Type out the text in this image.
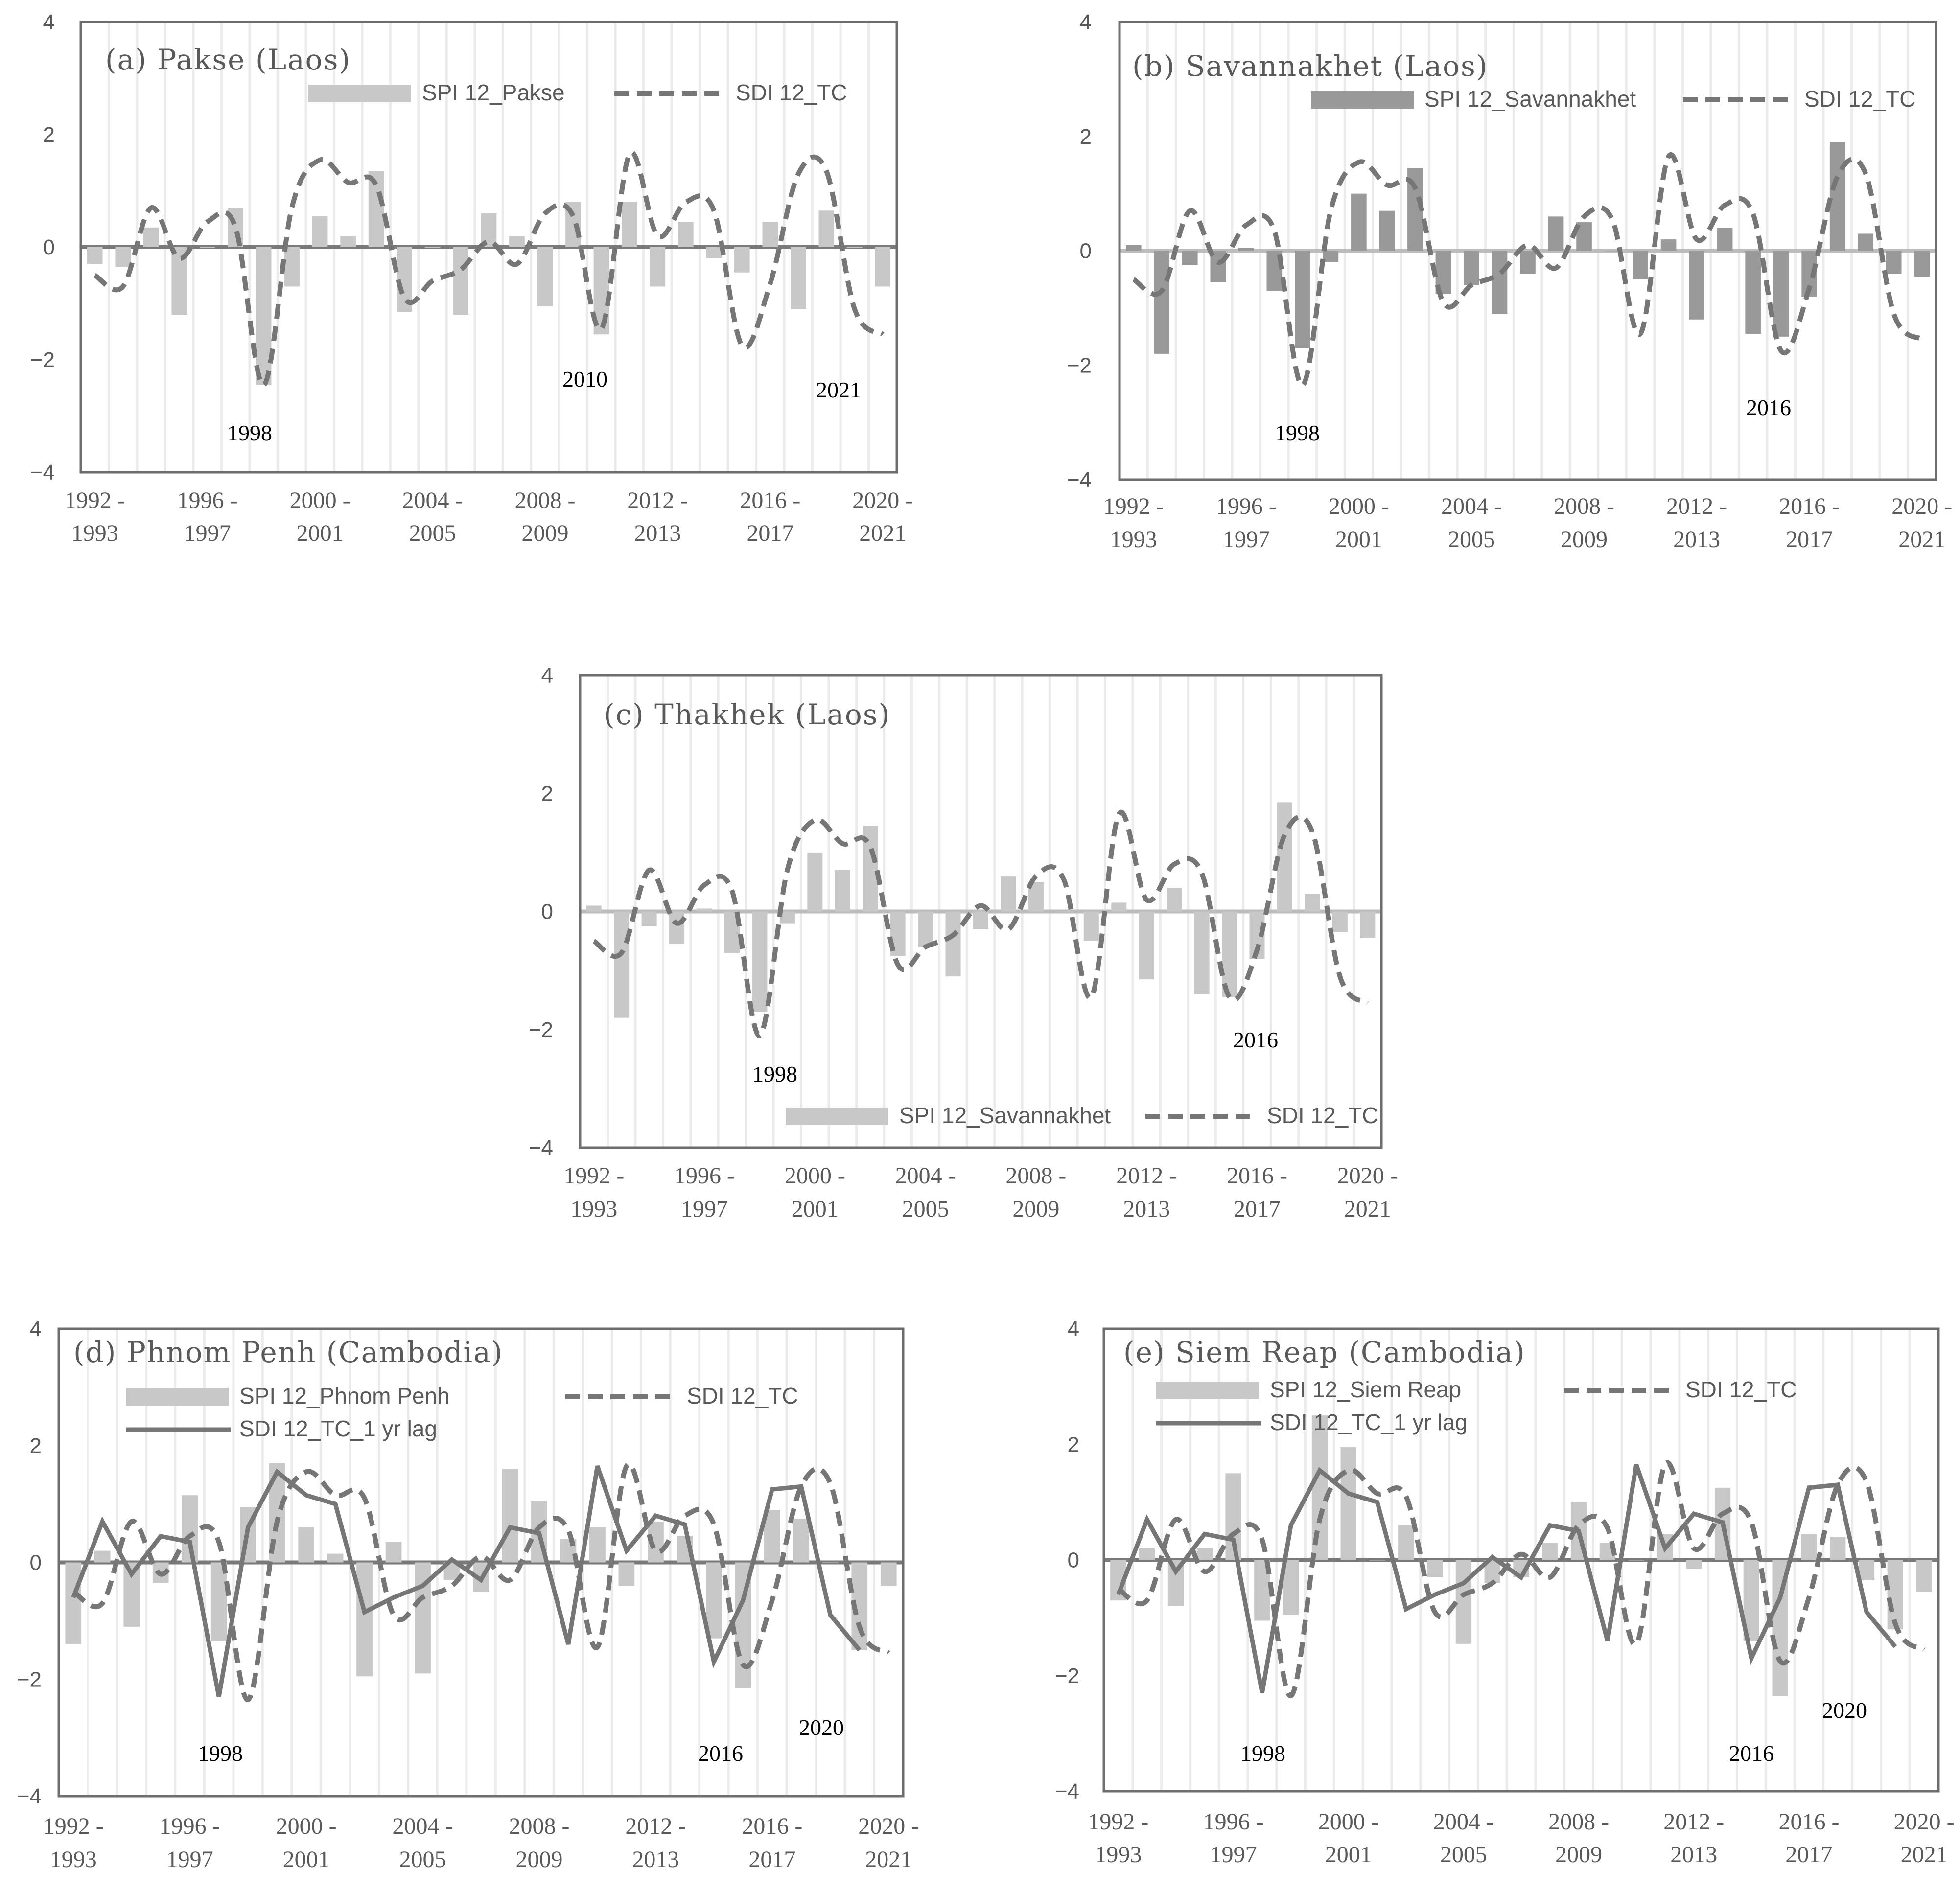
4
2
0
−2
−4
1992 -
1993
1996 -
1997
2000 -
2001
2004 -
2005
2008 -
2009
2012 -
2013
2016 -
2017
2020 -
2021
(a) Pakse (Laos)
SPI 12_Pakse	SDI 12_TC
1998
2010	2021
4
2
0
−2
−4
1992 -
1993
1996 -
1997
2000 -
2001
2004 -
2005
2008 -
2009
2012 -
2013
2016 -
2017
2020 -
2021
(b) Savannakhet (Laos)
SPI 12_Savannakhet	SDI 12_TC
1998
2016
4
2
0
−2
−4
1992 -
1993
1996 -
1997
2000 -
2001
2004 -
2005
2008 -
2009
2012 -
2013
2016 -
2017
2020 -
2021
(c) Thakhek (Laos)
SPI 12_Savannakhet	SDI 12_TC
1998
2016
4
2
0
−2
−4
1992 -
1993
1996 -
1997
2000 -
2001
2004 -
2005
2008 -
2009
2012 -
2013
2016 -
2017
2020 -
2021
(d) Phnom Penh (Cambodia)
SPI 12_Phnom Penh	SDI 12_TC
SDI 12_TC_1 yr lag
1998	2016
2020
4
2
0
−2
−4
1992 -
1993
1996 -
1997
2000 -
2001
2004 -
2005
2008 -
2009
2012 -
2013
2016 -
2017
2020 -
2021
(e) Siem Reap (Cambodia)
SPI 12_Siem Reap	SDI 12_TC
SDI 12_TC_1 yr lag
1998	2016
2020
